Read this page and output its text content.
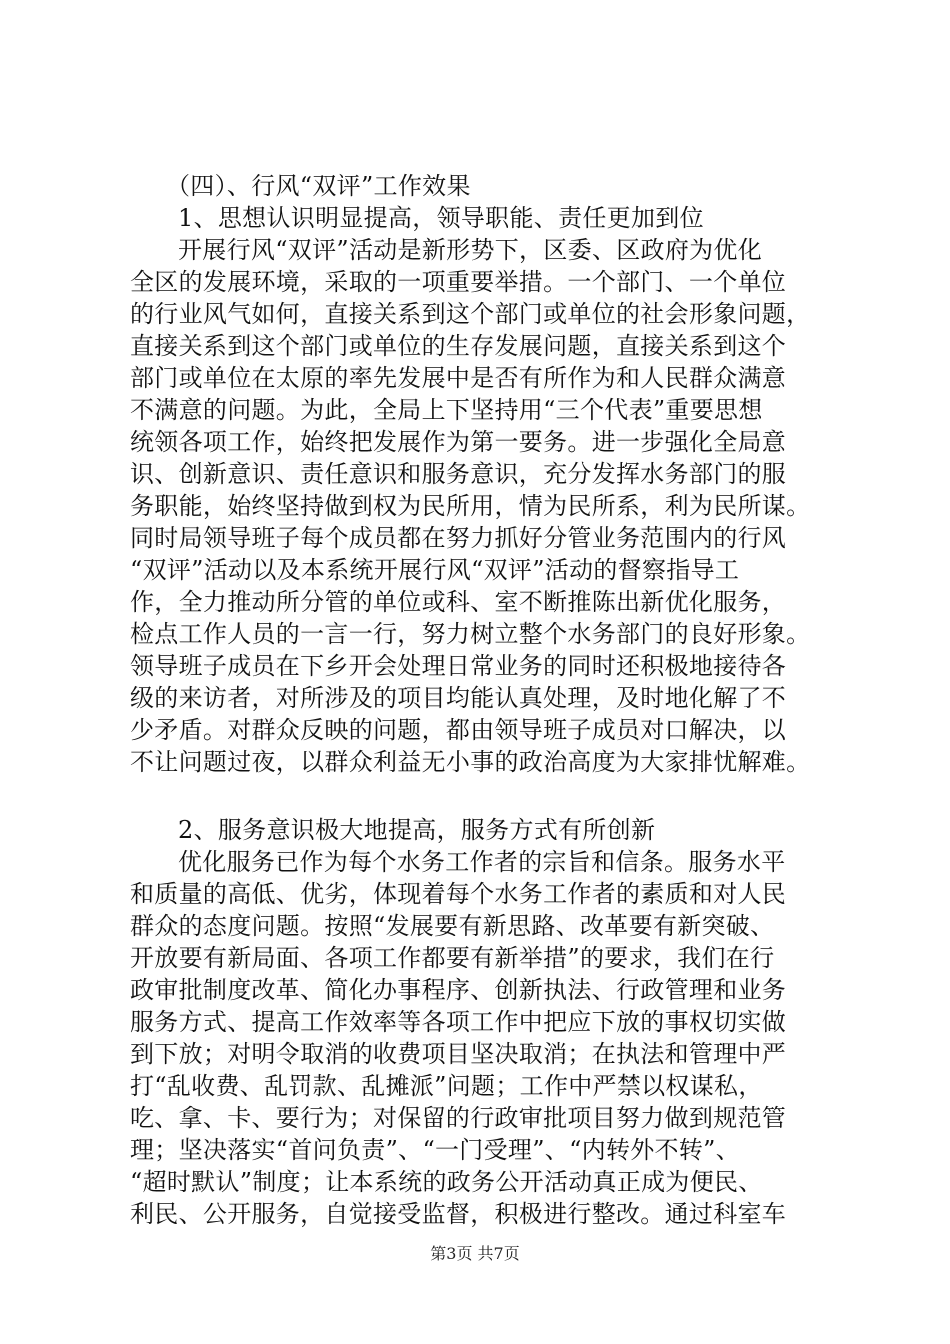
（四）、行风“双评”工作效果
1、思想认识明显提高，领导职能、责任更加到位
开展行风“双评”活动是新形势下，区委、区政府为优化
全区的发展环境，采取的一项重要举措。一个部门、一个单位
的行业风气如何，直接关系到这个部门或单位的社会形象问题，
直接关系到这个部门或单位的生存发展问题，直接关系到这个
部门或单位在太原的率先发展中是否有所作为和人民群众满意
不满意的问题。为此，全局上下坚持用“三个代表”重要思想
统领各项工作，始终把发展作为第一要务。进一步强化全局意
识、创新意识、责任意识和服务意识，充分发挥水务部门的服
务职能，始终坚持做到权为民所用，情为民所系，利为民所谋。
同时局领导班子每个成员都在努力抓好分管业务范围内的行风
“双评”活动以及本系统开展行风“双评”活动的督察指导工
作，全力推动所分管的单位或科、室不断推陈出新优化服务，
检点工作人员的一言一行，努力树立整个水务部门的良好形象。
领导班子成员在下乡开会处理日常业务的同时还积极地接待各
级的来访者，对所涉及的项目均能认真处理，及时地化解了不
少矛盾。对群众反映的问题，都由领导班子成员对口解决，以
不让问题过夜，以群众利益无小事的政治高度为大家排忧解难。
2、服务意识极大地提高，服务方式有所创新
优化服务已作为每个水务工作者的宗旨和信条。服务水平
和质量的高低、优劣，体现着每个水务工作者的素质和对人民
群众的态度问题。按照“发展要有新思路、改革要有新突破、
开放要有新局面、各项工作都要有新举措”的要求，我们在行
政审批制度改革、简化办事程序、创新执法、行政管理和业务
服务方式、提高工作效率等各项工作中把应下放的事权切实做
到下放；对明令取消的收费项目坚决取消；在执法和管理中严
打“乱收费、乱罚款、乱摊派”问题；工作中严禁以权谋私，
吃、拿、卡、要行为；对保留的行政审批项目努力做到规范管
理；坚决落实“首问负责”、“一门受理”、“内转外不转”、
“超时默认”制度；让本系统的政务公开活动真正成为便民、
利民、公开服务，自觉接受监督，积极进行整改。通过科室车
第3页 共7页
